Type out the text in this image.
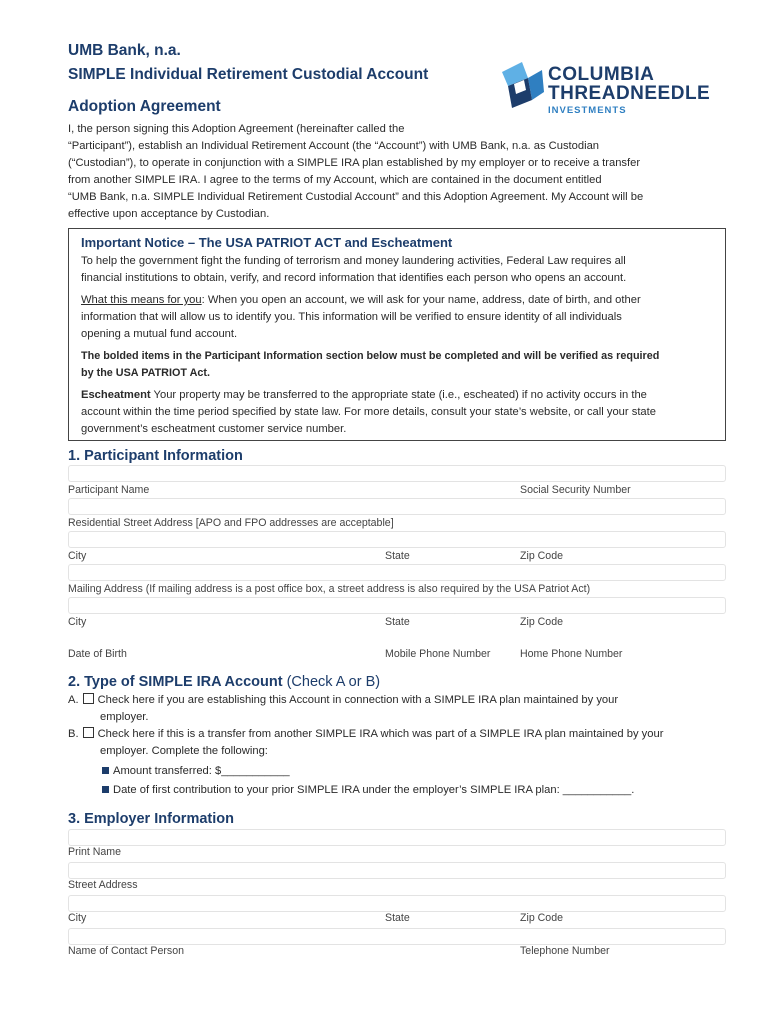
UMB Bank, n.a.
SIMPLE Individual Retirement Custodial Account
Adoption Agreement
COLUMBIA
THREADNEEDLE
INVESTMENTS
I, the person signing this Adoption Agreement (hereinafter called the
“Participant”), establish an Individual Retirement Account (the “Account”) with UMB Bank, n.a. as Custodian
(“Custodian”), to operate in conjunction with a SIMPLE IRA plan established by my employer or to receive a transfer
from another SIMPLE IRA. I agree to the terms of my Account, which are contained in the document entitled
“UMB Bank, n.a. SIMPLE Individual Retirement Custodial Account” and this Adoption Agreement. My Account will be
effective upon acceptance by Custodian.
Important Notice – The USA PATRIOT ACT and Escheatment
To help the government fight the funding of terrorism and money laundering activities, Federal Law requires all
financial institutions to obtain, verify, and record information that identifies each person who opens an account.
What this means for you: When you open an account, we will ask for your name, address, date of birth, and other
information that will allow us to identify you. This information will be verified to ensure identity of all individuals
opening a mutual fund account.
The bolded items in the Participant Information section below must be completed and will be verified as required
by the USA PATRIOT Act.
Escheatment Your property may be transferred to the appropriate state (i.e., escheated) if no activity occurs in the
account within the time period specified by state law. For more details, consult your state’s website, or call your state
government’s escheatment customer service number.
1. Participant Information
Participant Name	Social Security Number
Residential Street Address [APO and FPO addresses are acceptable]
City	State	Zip Code
Mailing Address (If mailing address is a post office box, a street address is also required by the USA Patriot Act)
City	State	Zip Code
Date of Birth	Mobile Phone Number	Home Phone Number
2. Type of SIMPLE IRA Account (Check A or B)
A. Check here if you are establishing this Account in connection with a SIMPLE IRA plan maintained by your
employer.
B. Check here if this is a transfer from another SIMPLE IRA which was part of a SIMPLE IRA plan maintained by your
employer. Complete the following:
Amount transferred: $___________
Date of first contribution to your prior SIMPLE IRA under the employer’s SIMPLE IRA plan: ___________.
3. Employer Information
Print Name
Street Address
City	State	Zip Code
Name of Contact Person	Telephone Number
